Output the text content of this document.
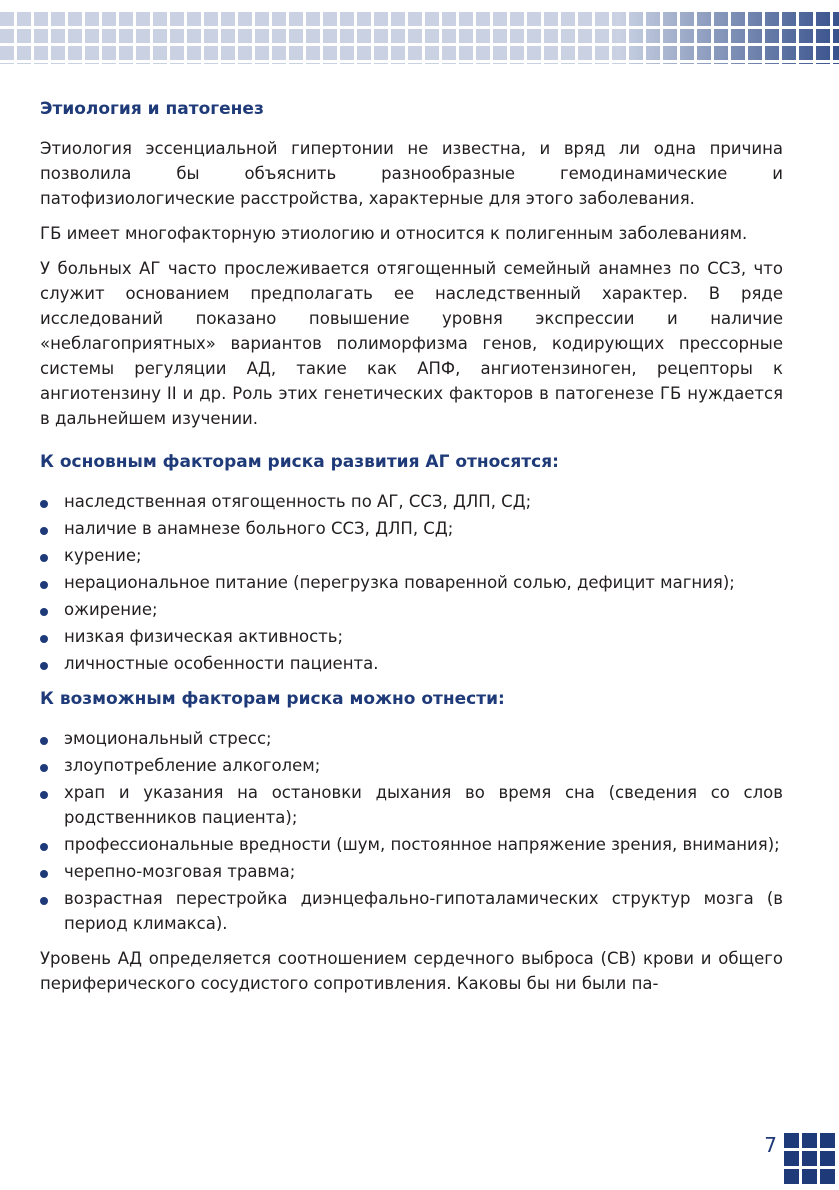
Этиология и патогенез

Этиология эссенциальной гипертонии не известна, и вряд ли одна причина позволила бы объяснить разнообразные гемодинамические и патофизиологические расстройства, характерные для этого заболевания.

ГБ имеет многофакторную этиологию и относится к полигенным заболеваниям.

У больных АГ часто прослеживается отягощенный семейный анамнез по ССЗ, что служит основанием предполагать ее наследственный характер. В ряде исследований показано повышение уровня экспрессии и наличие «неблагоприятных» вариантов полиморфизма генов, кодирующих прессорные системы регуляции АД, такие как АПФ, ангиотензиноген, рецепторы к ангиотензину II и др. Роль этих генетических факторов в патогенезе ГБ нуждается в дальнейшем изучении.

К основным факторам риска развития АГ относятся:
наследственная отягощенность по АГ, ССЗ, ДЛП, СД;
наличие в анамнезе больного ССЗ, ДЛП, СД;
курение;
нерациональное питание (перегрузка поваренной солью, дефицит магния);
ожирение;
низкая физическая активность;
личностные особенности пациента.
К возможным факторам риска можно отнести:
эмоциональный стресс;
злоупотребление алкоголем;
храп и указания на остановки дыхания во время сна (сведения со слов родственников пациента);
профессиональные вредности (шум, постоянное напряжение зрения, внимания);
черепно-мозговая травма;
возрастная перестройка диэнцефально-гипоталамических структур мозга (в период климакса).

Уровень АД определяется соотношением сердечного выброса (СВ) крови и общего периферического сосудистого сопротивления. Каковы бы ни были па-

7
